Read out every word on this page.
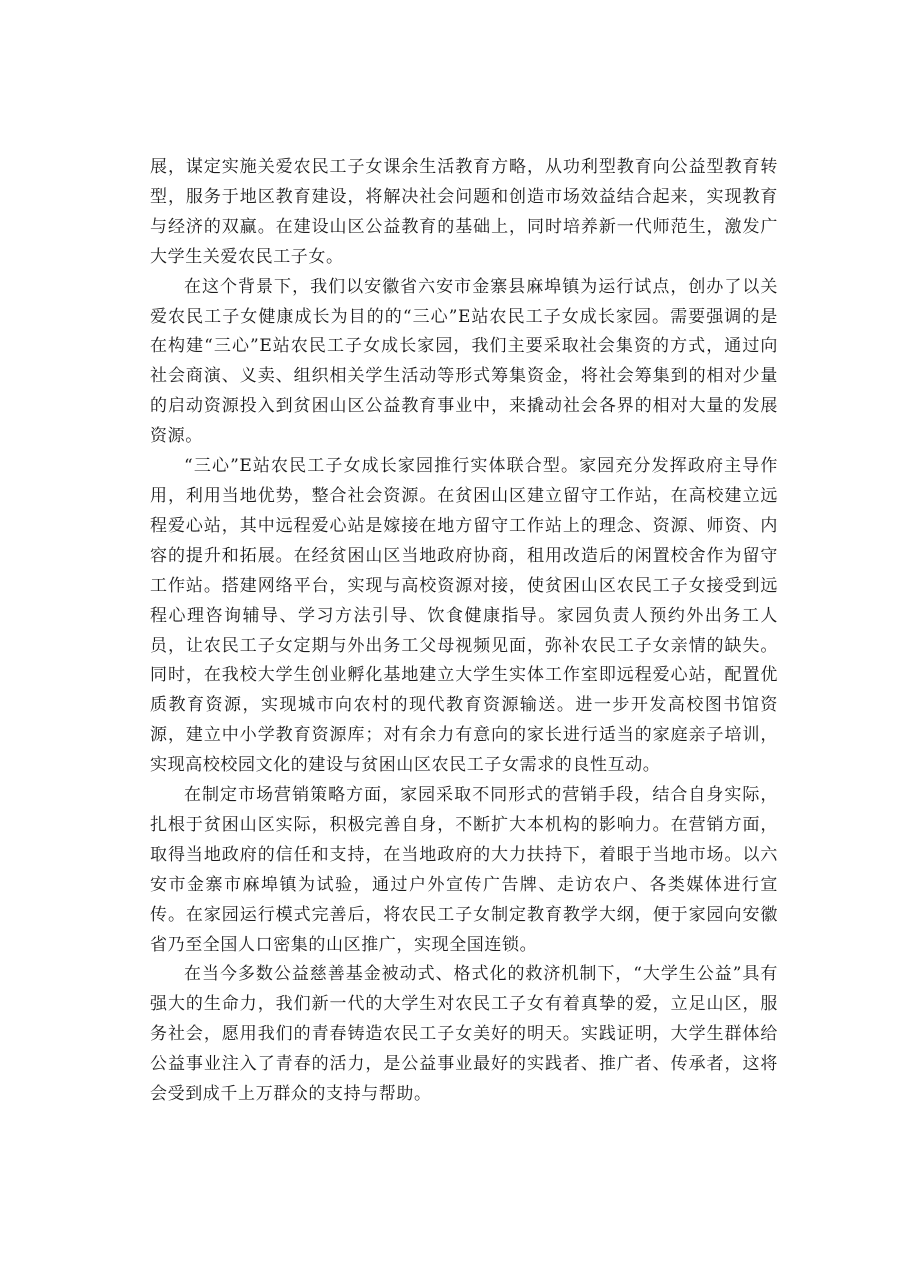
展，谋定实施关爱农民工子女课余生活教育方略，从功利型教育向公益型教育转型，服务于地区教育建设，将解决社会问题和创造市场效益结合起来，实现教育与经济的双赢。在建设山区公益教育的基础上，同时培养新一代师范生，激发广大学生关爱农民工子女。

在这个背景下，我们以安徽省六安市金寨县麻埠镇为运行试点，创办了以关爱农民工子女健康成长为目的的“三心”E站农民工子女成长家园。需要强调的是在构建“三心”E站农民工子女成长家园，我们主要采取社会集资的方式，通过向社会商演、义卖、组织相关学生活动等形式筹集资金，将社会筹集到的相对少量的启动资源投入到贫困山区公益教育事业中，来撬动社会各界的相对大量的发展资源。

“三心”E站农民工子女成长家园推行实体联合型。家园充分发挥政府主导作用，利用当地优势，整合社会资源。在贫困山区建立留守工作站，在高校建立远程爱心站，其中远程爱心站是嫁接在地方留守工作站上的理念、资源、师资、内容的提升和拓展。在经贫困山区当地政府协商，租用改造后的闲置校舍作为留守工作站。搭建网络平台，实现与高校资源对接，使贫困山区农民工子女接受到远程心理咨询辅导、学习方法引导、饮食健康指导。家园负责人预约外出务工人员，让农民工子女定期与外出务工父母视频见面，弥补农民工子女亲情的缺失。同时，在我校大学生创业孵化基地建立大学生实体工作室即远程爱心站，配置优质教育资源，实现城市向农村的现代教育资源输送。进一步开发高校图书馆资源，建立中小学教育资源库；对有余力有意向的家长进行适当的家庭亲子培训，实现高校校园文化的建设与贫困山区农民工子女需求的良性互动。

在制定市场营销策略方面，家园采取不同形式的营销手段，结合自身实际，扎根于贫困山区实际，积极完善自身，不断扩大本机构的影响力。在营销方面，取得当地政府的信任和支持，在当地政府的大力扶持下，着眼于当地市场。以六安市金寨市麻埠镇为试验，通过户外宣传广告牌、走访农户、各类媒体进行宣传。在家园运行模式完善后，将农民工子女制定教育教学大纲，便于家园向安徽省乃至全国人口密集的山区推广，实现全国连锁。

在当今多数公益慈善基金被动式、格式化的救济机制下，“大学生公益”具有强大的生命力，我们新一代的大学生对农民工子女有着真挚的爱，立足山区，服务社会，愿用我们的青春铸造农民工子女美好的明天。实践证明，大学生群体给公益事业注入了青春的活力，是公益事业最好的实践者、推广者、传承者，这将会受到成千上万群众的支持与帮助。
